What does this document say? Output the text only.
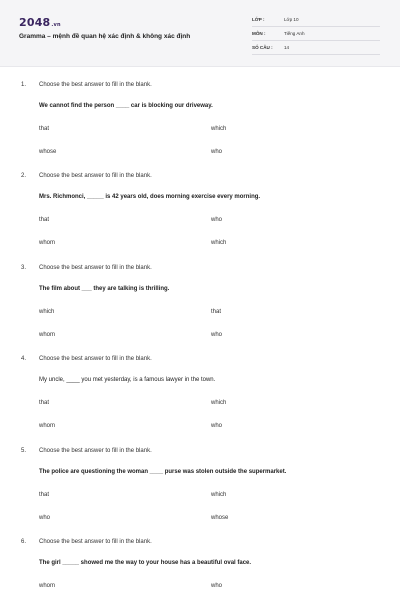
2048.vn
Gramma – mệnh đề quan hệ xác định & không xác định
LỚP :	Lớp 10
MÔN :	Tiếng Anh
SỐ CÂU : 14
1. Choose the best answer to fill in the blank.
We cannot find the person ____ car is blocking our driveway.
that	which
whose	who
2. Choose the best answer to fill in the blank.
Mrs. Richmonci, _____ is 42 years old, does morning exercise every morning.
that	who
whom	which
3. Choose the best answer to fill in the blank.
The film about ___ they are talking is thrilling.
which	that
whom	who
4. Choose the best answer to fill in the blank.
My uncle, ____ you met yesterday, is a famous lawyer in the town.
that	which
whom	who
5. Choose the best answer to fill in the blank.
The police are questioning the woman ____ purse was stolen outside the supermarket.
that	which
who	whose
6. Choose the best answer to fill in the blank.
The girl _____ showed me the way to your house has a beautiful oval face.
whom	who
